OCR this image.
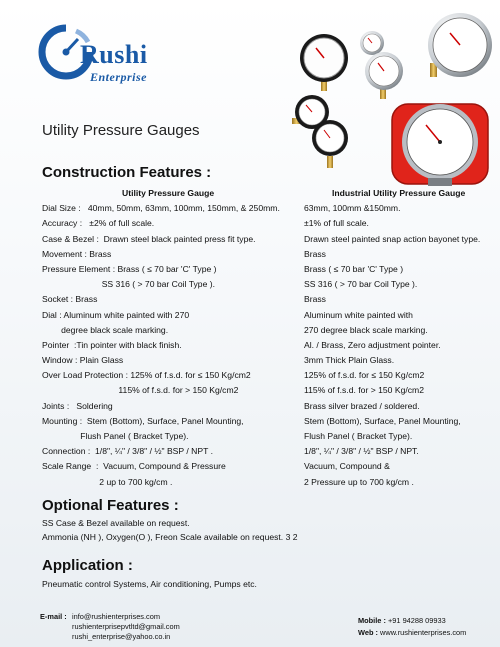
Rushi
Enterprise
Utility Pressure Gauges
Construction Features :
Utility Pressure Gauge	Industrial Utility Pressure Gauge
Dial Size :   40mm, 50mm, 63mm, 100mm, 150mm, & 250mm.	63mm, 100mm &150mm.
Accuracy :   ±2% of full scale.	±1% of full scale.
Case & Bezel :  Drawn steel black painted press fit type.	Drawn steel painted snap action bayonet type.
Movement : Brass	Brass
Pressure Element : Brass ( ≤ 70 bar 'C' Type )	Brass ( ≤ 70 bar 'C' Type )
SS 316 ( > 70 bar Coil Type ).	SS 316 ( > 70 bar Coil Type ).
Socket : Brass	Brass
Dial : Aluminum white painted with 270	Aluminum white painted with
degree black scale marking.	270 degree black scale marking.
Pointer  :Tin pointer with black finish.	Al. / Brass, Zero adjustment pointer.
Window : Plain Glass	3mm Thick Plain Glass.
Over Load Protection : 125% of f.s.d. for ≤ 150 Kg/cm2	125% of f.s.d. for ≤ 150 Kg/cm2
115% of f.s.d. for > 150 Kg/cm2	115% of f.s.d. for > 150 Kg/cm2
Joints :   Soldering	Brass silver brazed / soldered.
Mounting :  Stem (Bottom), Surface, Panel Mounting,	Stem (Bottom), Surface, Panel Mounting,
Flush Panel ( Bracket Type).	Flush Panel ( Bracket Type).
Connection :  1/8", ¼" / 3/8" / ½" BSP / NPT .	1/8", ¼" / 3/8" / ½" BSP / NPT.
Scale Range  :  Vacuum, Compound & Pressure	Vacuum, Compound &
2 up to 700 kg/cm .	2 Pressure up to 700 kg/cm .
Optional Features :
SS Case & Bezel available on request.
Ammonia (NH ), Oxygen(O ), Freon Scale available on request. 3 2
Application :
Pneumatic control Systems, Air conditioning, Pumps etc.
E-mail : info@rushienterprises.com
rushienterprisepvtltd@gmail.com
rushi_enterprise@yahoo.co.in
Mobile : +91 94288 09933
Web : www.rushienterprises.com
